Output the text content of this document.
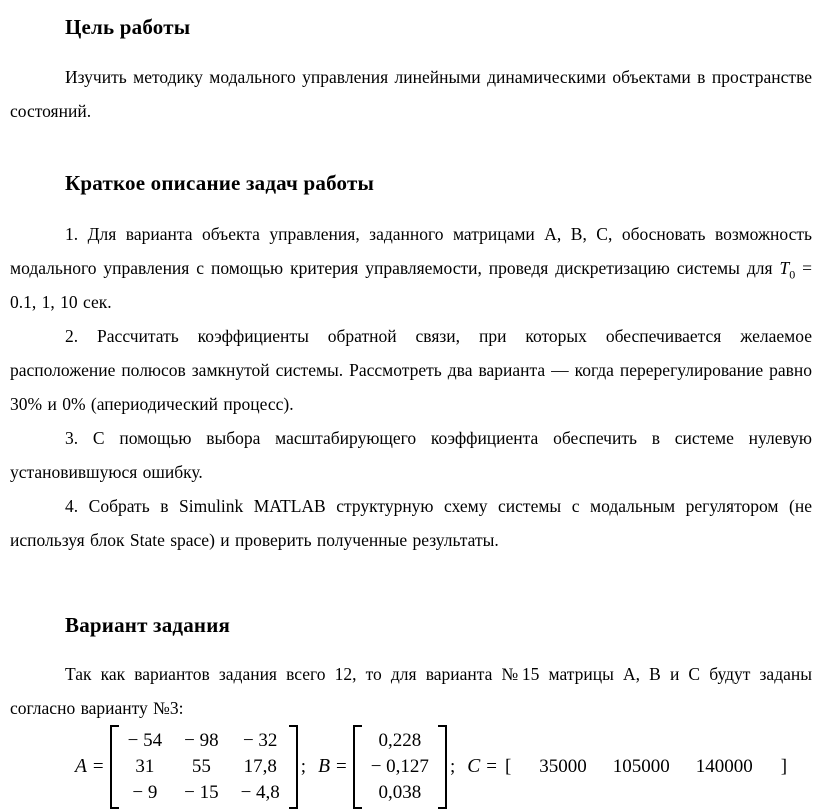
Цель работы

Изучить методику модального управления линейными динамическими объектами в пространстве состояний.

Краткое описание задач работы

1. Для варианта объекта управления, заданного матрицами А, В, С, обосновать возможность модального управления с помощью критерия управляемости, проведя дискретизацию системы для $T_0 = 0.1$, 1, 10 сек.

2. Рассчитать коэффициенты обратной связи, при которых обеспечивается желаемое расположение полюсов замкнутой системы. Рассмотреть два варианта — когда перерегулирование равно 30% и 0% (апериодический процесс).

3. С помощью выбора масштабирующего коэффициента обеспечить в системе нулевую установившуюся ошибку.

4. Собрать в Simulink MATLAB структурную схему системы с модальным регулятором (не используя блок State space) и проверить полученные результаты.

Вариант задания

Так как вариантов задания всего 12, то для варианта №15 матрицы А, В и С будут заданы согласно варианту №3:

A =
− 54 − 98 − 32
31 55 17,8
− 9 − 15 − 4,8
; B =
0,228
− 0,127
0,038
; C = [ 35000 105000 140000 ]
